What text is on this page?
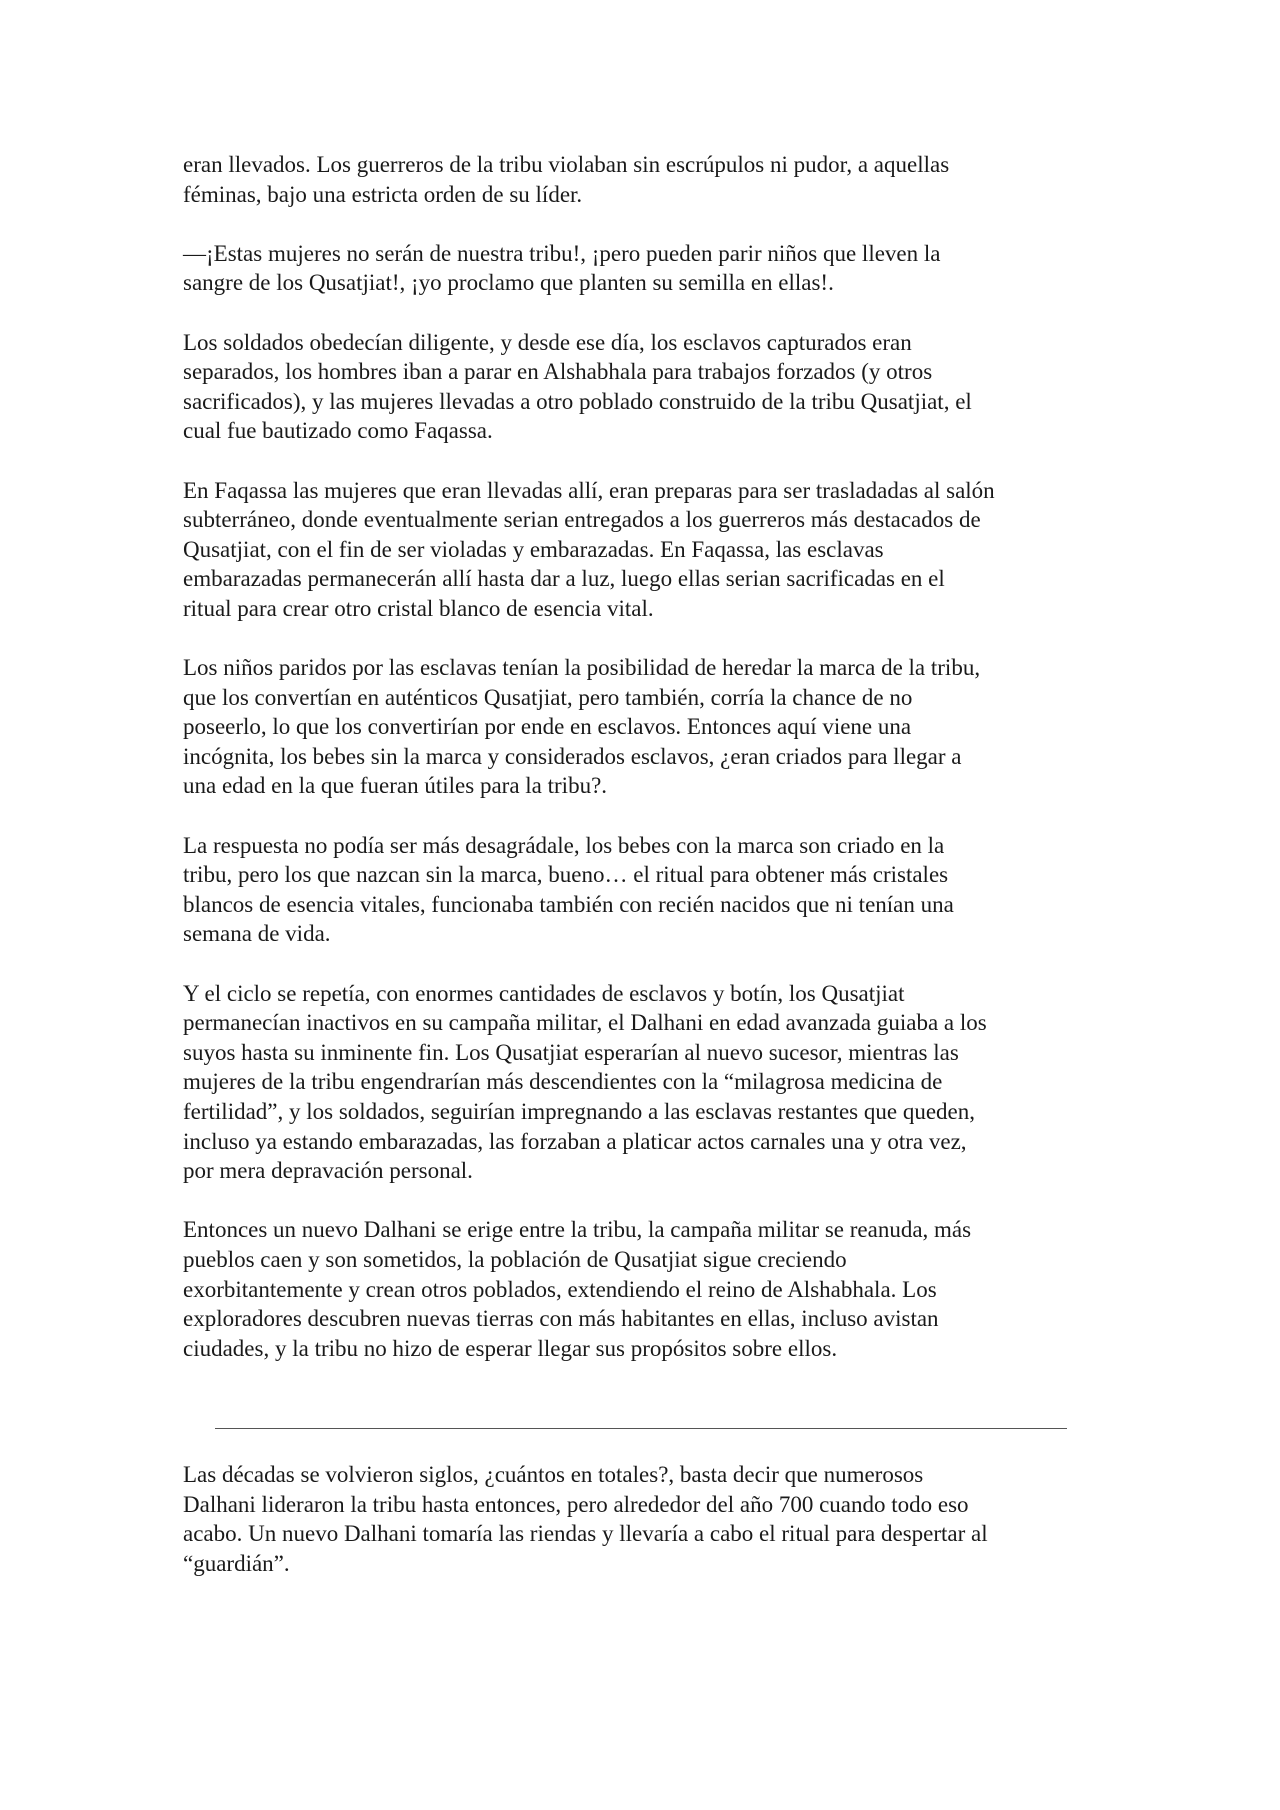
eran llevados. Los guerreros de la tribu violaban sin escrúpulos ni pudor, a aquellas
féminas, bajo una estricta orden de su líder.

—¡Estas mujeres no serán de nuestra tribu!, ¡pero pueden parir niños que lleven la
sangre de los Qusatjiat!, ¡yo proclamo que planten su semilla en ellas!.

Los soldados obedecían diligente, y desde ese día, los esclavos capturados eran
separados, los hombres iban a parar en Alshabhala para trabajos forzados (y otros
sacrificados), y las mujeres llevadas a otro poblado construido de la tribu Qusatjiat, el
cual fue bautizado como Faqassa.

En Faqassa las mujeres que eran llevadas allí, eran preparas para ser trasladadas al salón
subterráneo, donde eventualmente serian entregados a los guerreros más destacados de
Qusatjiat, con el fin de ser violadas y embarazadas. En Faqassa, las esclavas
embarazadas permanecerán allí hasta dar a luz, luego ellas serian sacrificadas en el
ritual para crear otro cristal blanco de esencia vital.

Los niños paridos por las esclavas tenían la posibilidad de heredar la marca de la tribu,
que los convertían en auténticos Qusatjiat, pero también, corría la chance de no
poseerlo, lo que los convertirían por ende en esclavos. Entonces aquí viene una
incógnita, los bebes sin la marca y considerados esclavos, ¿eran criados para llegar a
una edad en la que fueran útiles para la tribu?.

La respuesta no podía ser más desagrádale, los bebes con la marca son criado en la
tribu, pero los que nazcan sin la marca, bueno… el ritual para obtener más cristales
blancos de esencia vitales, funcionaba también con recién nacidos que ni tenían una
semana de vida.

Y el ciclo se repetía, con enormes cantidades de esclavos y botín, los Qusatjiat
permanecían inactivos en su campaña militar, el Dalhani en edad avanzada guiaba a los
suyos hasta su inminente fin. Los Qusatjiat esperarían al nuevo sucesor, mientras las
mujeres de la tribu engendrarían más descendientes con la “milagrosa medicina de
fertilidad”, y los soldados, seguirían impregnando a las esclavas restantes que queden,
incluso ya estando embarazadas, las forzaban a platicar actos carnales una y otra vez,
por mera depravación personal.

Entonces un nuevo Dalhani se erige entre la tribu, la campaña militar se reanuda, más
pueblos caen y son sometidos, la población de Qusatjiat sigue creciendo
exorbitantemente y crean otros poblados, extendiendo el reino de Alshabhala. Los
exploradores descubren nuevas tierras con más habitantes en ellas, incluso avistan
ciudades, y la tribu no hizo de esperar llegar sus propósitos sobre ellos.

Las décadas se volvieron siglos, ¿cuántos en totales?, basta decir que numerosos
Dalhani lideraron la tribu hasta entonces, pero alrededor del año 700 cuando todo eso
acabo. Un nuevo Dalhani tomaría las riendas y llevaría a cabo el ritual para despertar al
“guardián”.
